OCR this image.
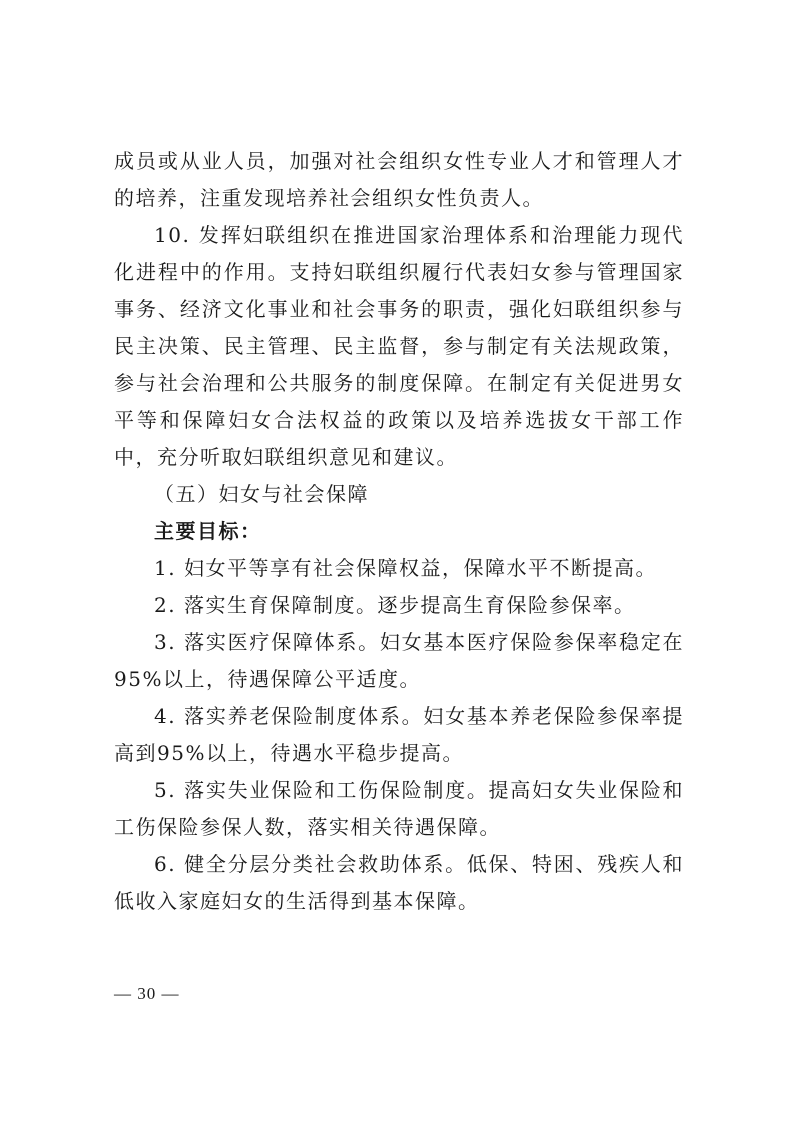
成员或从业人员，加强对社会组织女性专业人才和管理人才的培养，注重发现培养社会组织女性负责人。

10. 发挥妇联组织在推进国家治理体系和治理能力现代化进程中的作用。支持妇联组织履行代表妇女参与管理国家事务、经济文化事业和社会事务的职责，强化妇联组织参与民主决策、民主管理、民主监督，参与制定有关法规政策，参与社会治理和公共服务的制度保障。在制定有关促进男女平等和保障妇女合法权益的政策以及培养选拔女干部工作中，充分听取妇联组织意见和建议。

（五）妇女与社会保障

主要目标：

1. 妇女平等享有社会保障权益，保障水平不断提高。

2. 落实生育保障制度。逐步提高生育保险参保率。

3. 落实医疗保障体系。妇女基本医疗保险参保率稳定在95%以上，待遇保障公平适度。

4. 落实养老保险制度体系。妇女基本养老保险参保率提高到95%以上，待遇水平稳步提高。

5. 落实失业保险和工伤保险制度。提高妇女失业保险和工伤保险参保人数，落实相关待遇保障。

6. 健全分层分类社会救助体系。低保、特困、残疾人和低收入家庭妇女的生活得到基本保障。

— 30 —
